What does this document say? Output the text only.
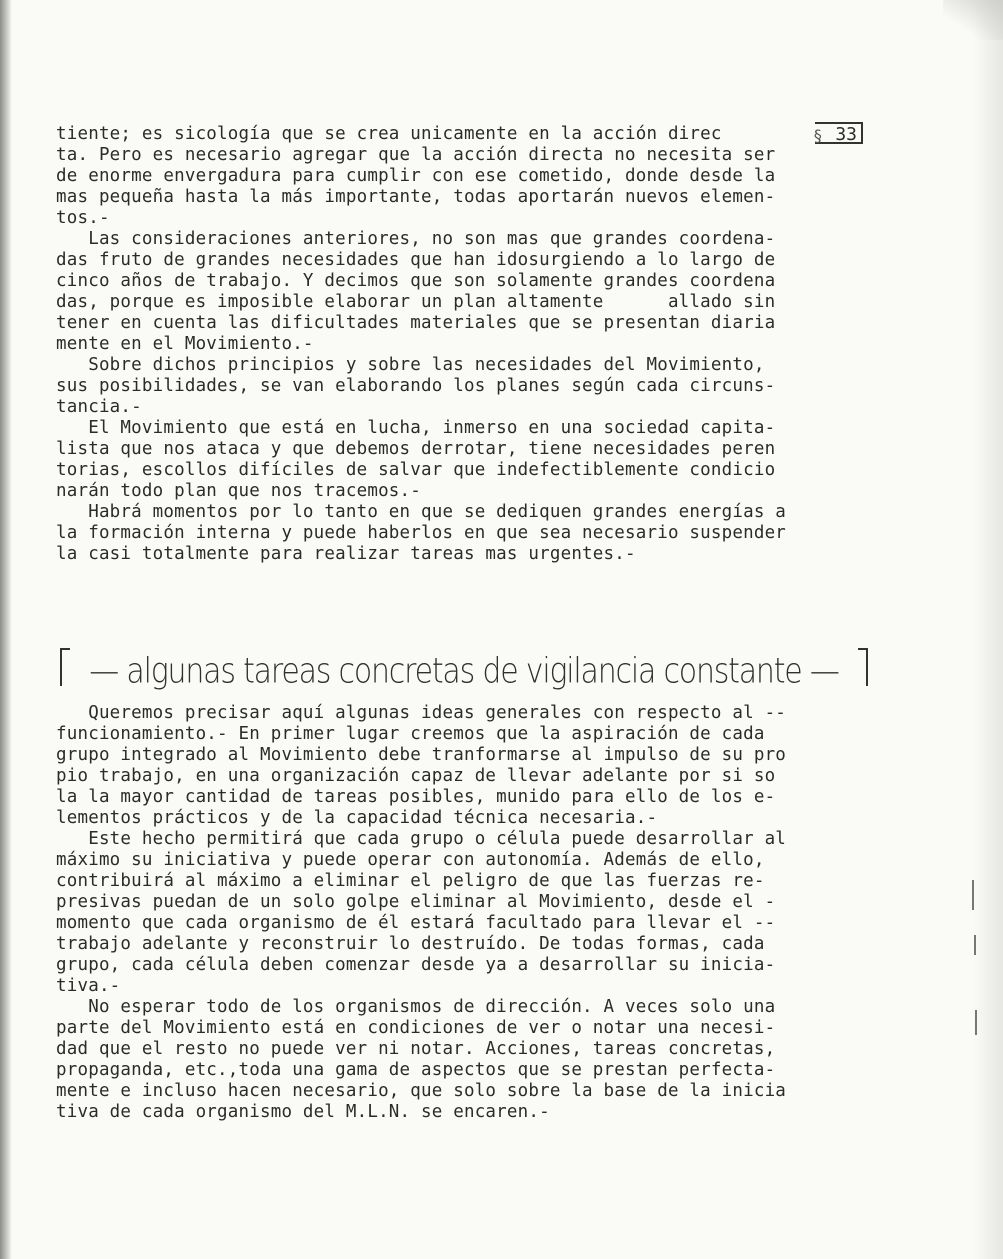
§ 33
tiente; es sicología que se crea unicamente en la acción direc
ta. Pero es necesario agregar que la acción directa no necesita ser
de enorme envergadura para cumplir con ese cometido, donde desde la
mas pequeña hasta la más importante, todas aportarán nuevos elemen-
tos.-
Las consideraciones anteriores, no son mas que grandes coordena-
das fruto de grandes necesidades que han idosurgiendo a lo largo de
cinco años de trabajo. Y decimos que son solamente grandes coordena
das, porque es imposible elaborar un plan altamente      allado sin
tener en cuenta las dificultades materiales que se presentan diaria
mente en el Movimiento.-
Sobre dichos principios y sobre las necesidades del Movimiento,
sus posibilidades, se van elaborando los planes según cada circuns-
tancia.-
El Movimiento que está en lucha, inmerso en una sociedad capita-
lista que nos ataca y que debemos derrotar, tiene necesidades peren
torias, escollos difíciles de salvar que indefectiblemente condicio
narán todo plan que nos tracemos.-
Habrá momentos por lo tanto en que se dediquen grandes energías a
la formación interna y puede haberlos en que sea necesario suspender
la casi totalmente para realizar tareas mas urgentes.-
— algunas tareas concretas de vigilancia constante —
Queremos precisar aquí algunas ideas generales con respecto al --
funcionamiento.- En primer lugar creemos que la aspiración de cada
grupo integrado al Movimiento debe tranformarse al impulso de su pro
pio trabajo, en una organización capaz de llevar adelante por si so
la la mayor cantidad de tareas posibles, munido para ello de los e-
lementos prácticos y de la capacidad técnica necesaria.-
Este hecho permitirá que cada grupo o célula puede desarrollar al
máximo su iniciativa y puede operar con autonomía. Además de ello,
contribuirá al máximo a eliminar el peligro de que las fuerzas re-
presivas puedan de un solo golpe eliminar al Movimiento, desde el -
momento que cada organismo de él estará facultado para llevar el --
trabajo adelante y reconstruir lo destruído. De todas formas, cada
grupo, cada célula deben comenzar desde ya a desarrollar su inicia-
tiva.-
No esperar todo de los organismos de dirección. A veces solo una
parte del Movimiento está en condiciones de ver o notar una necesi-
dad que el resto no puede ver ni notar. Acciones, tareas concretas,
propaganda, etc.,toda una gama de aspectos que se prestan perfecta-
mente e incluso hacen necesario, que solo sobre la base de la inicia
tiva de cada organismo del M.L.N. se encaren.-
